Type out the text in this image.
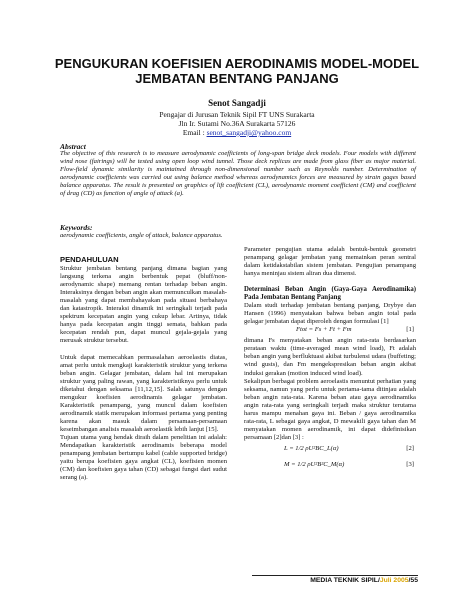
PENGUKURAN KOEFISIEN AERODINAMIS MODEL-MODEL JEMBATAN BENTANG PANJANG
Senot Sangadji
Pengajar di Jurusan Teknik Sipil FT UNS Surakarta
Jln Ir. Sutami No.36A Surakarta 57126
Email : senot_sangadji@yahoo.com
Abstract

The objective of this research is to measure aerodynamic coefficients of long-span bridge deck models. Four models with different wind nose (fairings) will be tested using open loop wind tunnel. Those deck replicas are made from glass fiber as major material. Flow-field dynamic similarity is maintained through non-dimensional number such as Reynolds number. Determination of aerodynamic coefficients was carried out using balance method whereas aerodynamics forces are measured by strain gages based balance apparatus. The result is presented on graphics of lift coefficient (CL), aerodynamic moment coefficient (CM) and coefficient of drag (CD) as function of angle of attack (a).

Keywords:
aerodynamic coefficients, angle of attack, balance apparatus.
PENDAHULUAN

Struktur jembatan bentang panjang dimana bagian yang langsung terkena angin berbentuk pepat (bluff/non-aerodynamic shape) memang rentan terhadap beban angin. Interaksinya dengan beban angin akan memunculkan masalah-masalah yang dapat membahayakan pada situasi berbahaya dan katastropik. Interaksi dinamik ini seringkali terjadi pada spektrum kecepatan angin yang cukup lebar. Artinya, tidak hanya pada kecepatan angin tinggi semata, bahkan pada kecepatan rendah pun, dapat muncul gejala-gejala yang merusak struktur tersebut.

Untuk dapat memecahkan permasalahan aeroelastis diatas, amat perlu untuk mengkaji karakteristik struktur yang terkena beban angin. Gelagar jembatan, dalam hal ini merupakan struktur yang paling rawan, yang karakteristiknya perlu untuk diketahui dengan seksama [11,12,15]. Salah satunya dengan mengukur koefisien aerodinamis gelagar jembatan. Karakteristik penampang, yang muncul dalam koefisien aerodinamik statik merupakan informasi pertama yang penting karena akan masuk dalam persamaan-persamaan keseimbangan analisis masalah aeroelastik lebih lanjut [15].

Tujuan utama yang hendak diraih dalam penelitian ini adalah: Mendapatkan karakteristik aerodinamis beberapa model penampang jembatan bertumpu kabel (cable supported bridge) yaitu berupa koefisien gaya angkat (CL), koefisien momen (CM) dan koefisien gaya tahan (CD) sebagai fungsi dari sudut serang (a).

Parameter pengujian utama adalah bentuk-bentuk geometri penampang gelagar jembatan yang memainkan peran sentral dalam ketidakstabilan sistem jembatan. Pengujian penampang hanya meninjau sistem aliran dua dimensi.

Determinasi Beban Angin (Gaya-Gaya Aerodinamika) Pada Jembatan Bentang Panjang

Dalam studi terhadap jembatan bentang panjang, Drybye dan Hansen (1996) menyatakan bahwa beban angin total pada gelagar jembatan dapat diperoleh dengan formulasi [1]

Ftot = Fs + Ft + Fm	[1]

dimana Fs menyatakan beban angin rata-rata berdasarkan perataan waktu (time-averaged mean wind load), Ft adalah beban angin yang berfluktuasi akibat turbulensi udara (buffeting; wind gusts), dan Fm mengekspresikan beban angin akibat induksi gerakan (motion induced wind load).

Sekalipun berbagai problem aeroelastis menuntut perhatian yang seksama, namun yang perlu untuk pertama-tama ditinjau adalah beban angin rata-rata. Karena beban atau gaya aerodinamika angin rata-rata yang seringkali terjadi maka struktur terutama harus mampu menahan gaya ini. Beban / gaya aerodinamika rata-rata, L sebagai gaya angkat, D mewakili gaya tahan dan M menyatakan momen aerodinamik, ini dapat didefinisikan persamaan [2]dan [3] :

L = 1/2 ρU²BC_L(α)	[2]
M = 1/2 ρU²B²C_M(α)	[3]
MEDIA TEKNIK SIPIL/Juli 2005/55
